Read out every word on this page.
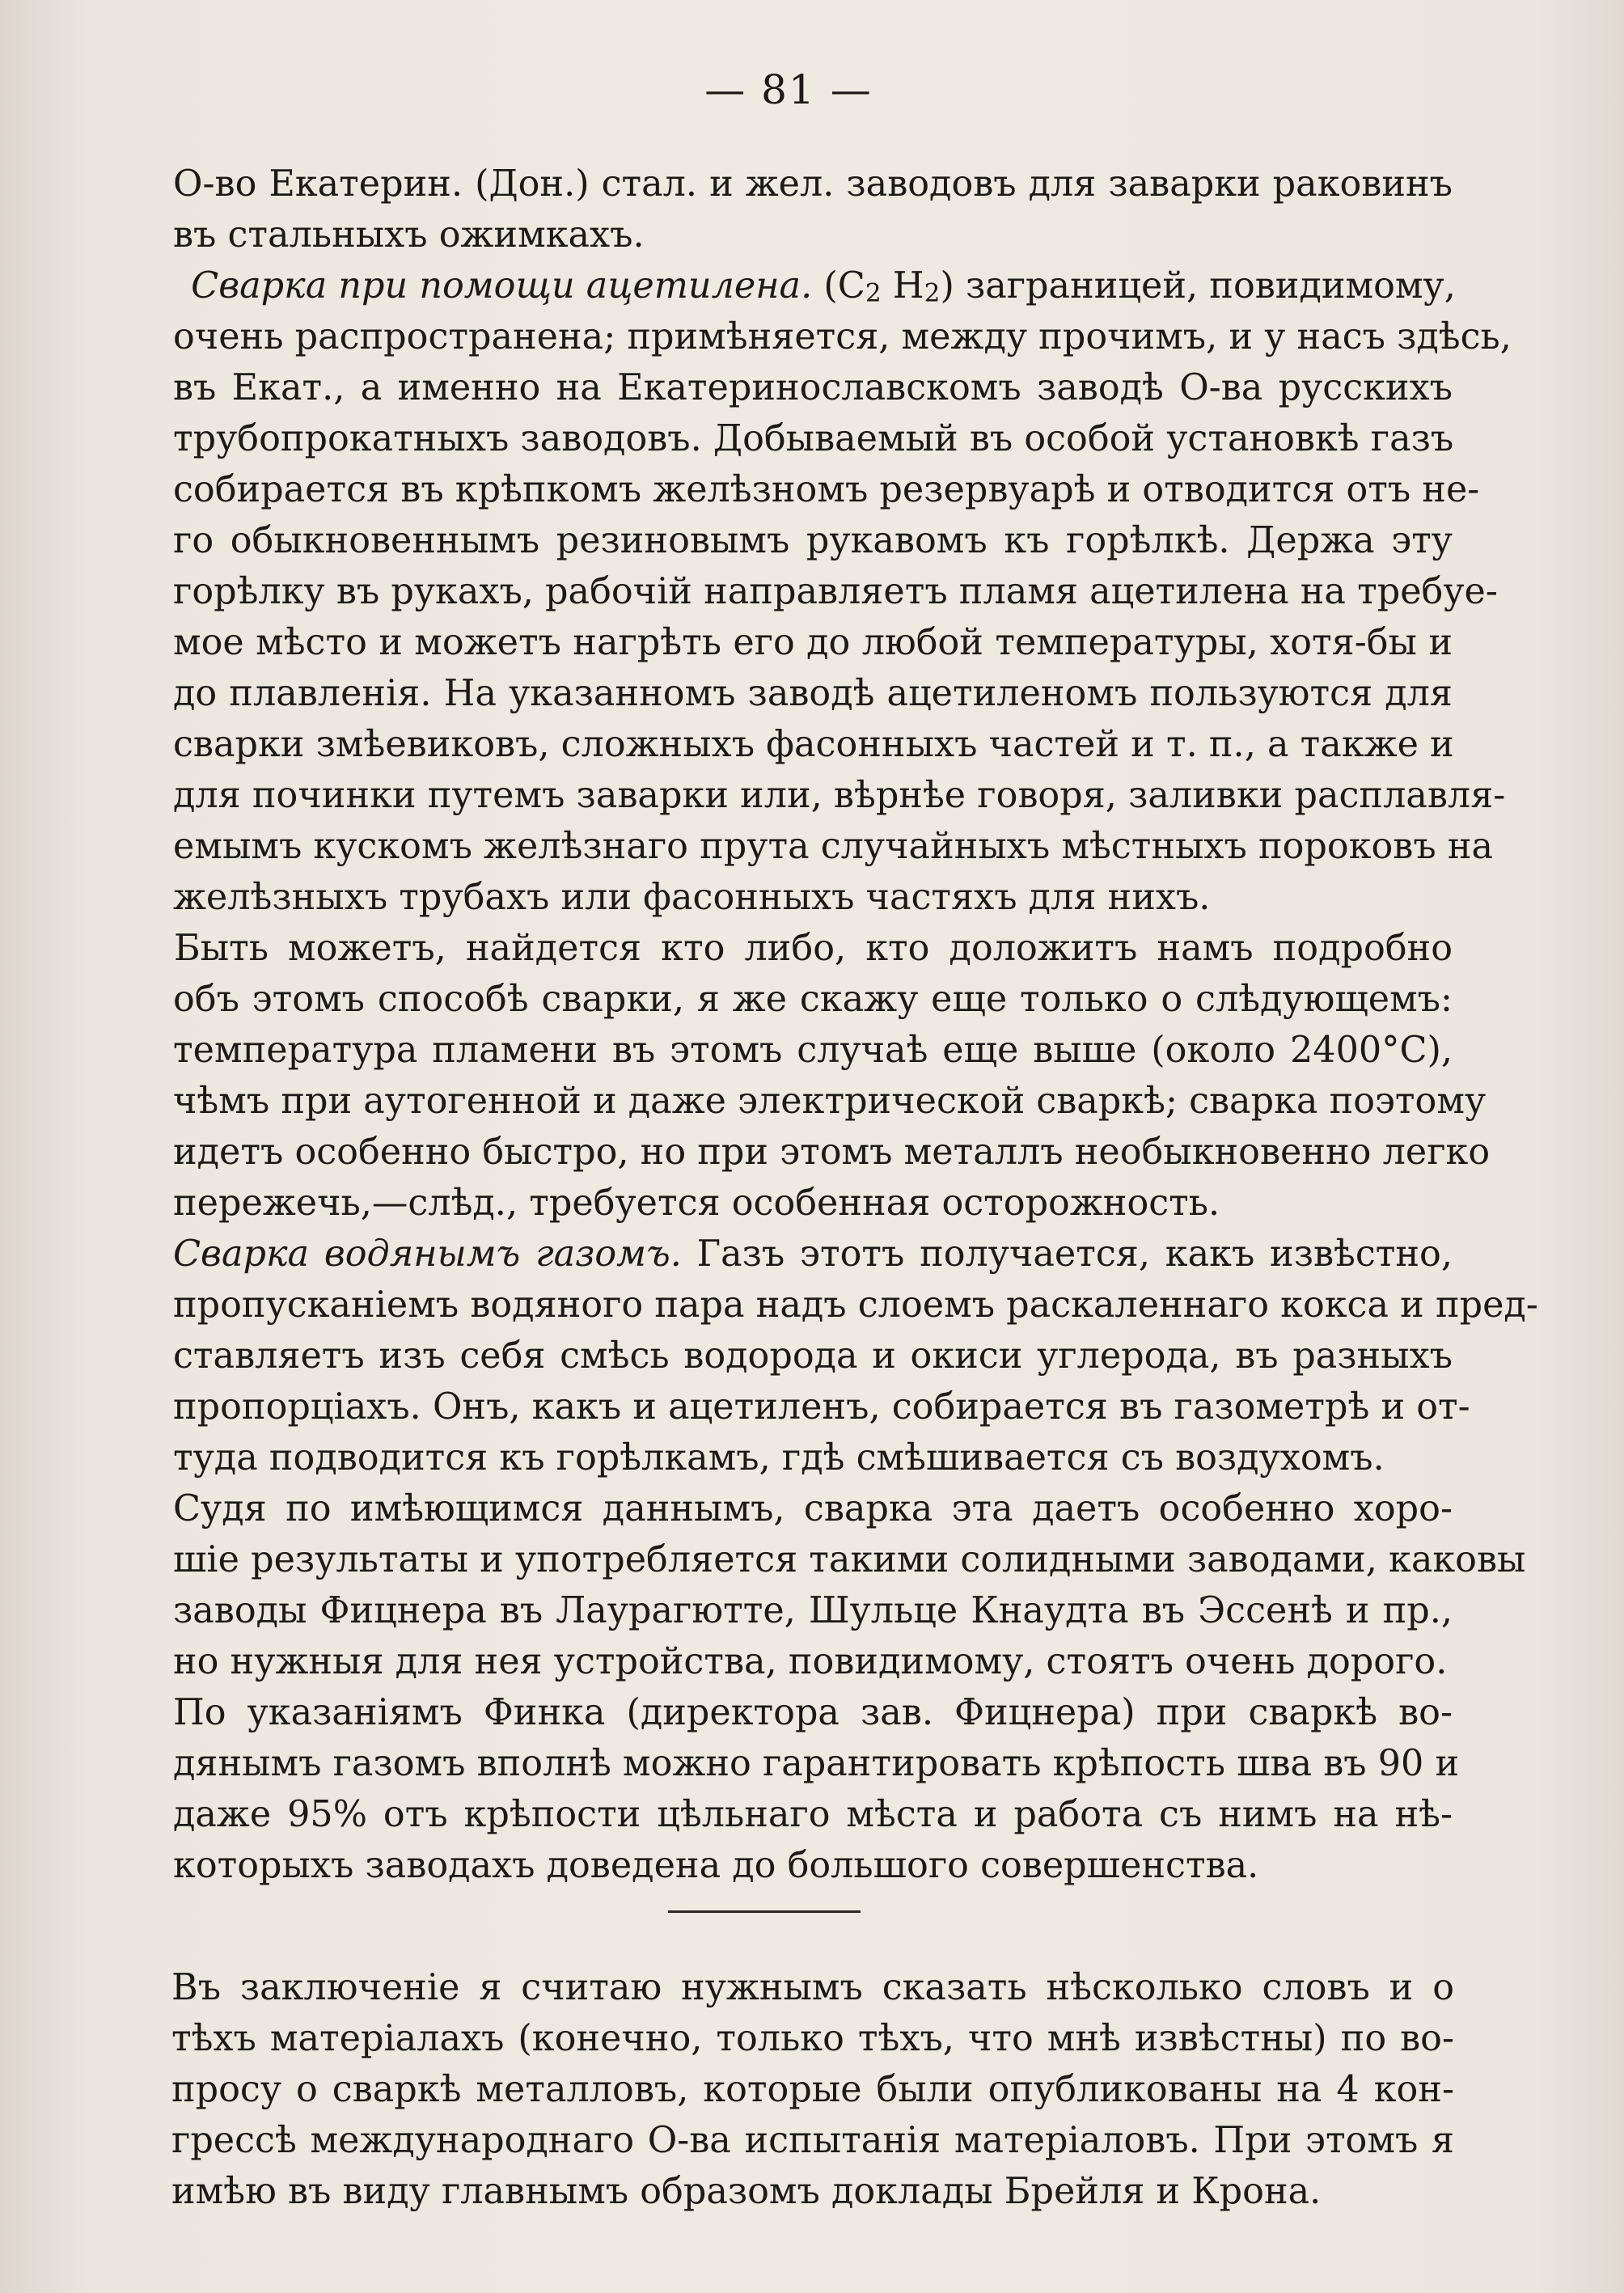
— 81 —
О-во Екатерин. (Дон.) стал. и жел. заводовъ для заварки раковинъ
въ стальныхъ ожимкахъ.
Сварка при помощи ацетилена. ($C_2$ $H_2$) заграницей, повидимому,
очень распространена; примѣняется, между прочимъ, и у насъ здѣсь,
въ Екат., а именно на Екатеринославскомъ заводѣ О-ва русскихъ
трубопрокатныхъ заводовъ. Добываемый въ особой установкѣ газъ
собирается въ крѣпкомъ желѣзномъ резервуарѣ и отводится отъ не-
го обыкновеннымъ резиновымъ рукавомъ къ горѣлкѣ. Держа эту
горѣлку въ рукахъ, рабочій направляетъ пламя ацетилена на требуе-
мое мѣсто и можетъ нагрѣть его до любой температуры, хотя-бы и
до плавленія. На указанномъ заводѣ ацетиленомъ пользуются для
сварки змѣевиковъ, сложныхъ фасонныхъ частей и т. п., а также и
для починки путемъ заварки или, вѣрнѣе говоря, заливки расплавля-
емымъ кускомъ желѣзнаго прута случайныхъ мѣстныхъ пороковъ на
желѣзныхъ трубахъ или фасонныхъ частяхъ для нихъ.
Быть можетъ, найдется кто либо, кто доложитъ намъ подробно
объ этомъ способѣ сварки, я же скажу еще только о слѣдующемъ:
температура пламени въ этомъ случаѣ еще выше (около 2400°С),
чѣмъ при аутогенной и даже электрической сваркѣ; сварка поэтому
идетъ особенно быстро, но при этомъ металлъ необыкновенно легко
пережечь,—слѣд., требуется особенная осторожность.
Сварка водянымъ газомъ. Газъ этотъ получается, какъ извѣстно,
пропусканіемъ водяного пара надъ слоемъ раскаленнаго кокса и пред-
ставляетъ изъ себя смѣсь водорода и окиси углерода, въ разныхъ
пропорціахъ. Онъ, какъ и ацетиленъ, собирается въ газометрѣ и от-
туда подводится къ горѣлкамъ, гдѣ смѣшивается съ воздухомъ.
Судя по имѣющимся даннымъ, сварка эта даетъ особенно хоро-
шіе результаты и употребляется такими солидными заводами, каковы
заводы Фицнера въ Лаурагютте, Шульце Кнаудта въ Эссенѣ и пр.,
но нужныя для нея устройства, повидимому, стоятъ очень дорого.
По указаніямъ Финка (директора зав. Фицнера) при сваркѣ во-
дянымъ газомъ вполнѣ можно гарантировать крѣпость шва въ 90 и
даже 95% отъ крѣпости цѣльнаго мѣста и работа съ нимъ на нѣ-
которыхъ заводахъ доведена до большого совершенства.
Въ заключеніе я считаю нужнымъ сказать нѣсколько словъ и о
тѣхъ матеріалахъ (конечно, только тѣхъ, что мнѣ извѣстны) по во-
просу о сваркѣ металловъ, которые были опубликованы на 4 кон-
грессѣ международнаго О-ва испытанія матеріаловъ. При этомъ я
имѣю въ виду главнымъ образомъ доклады Брейля и Крона.
